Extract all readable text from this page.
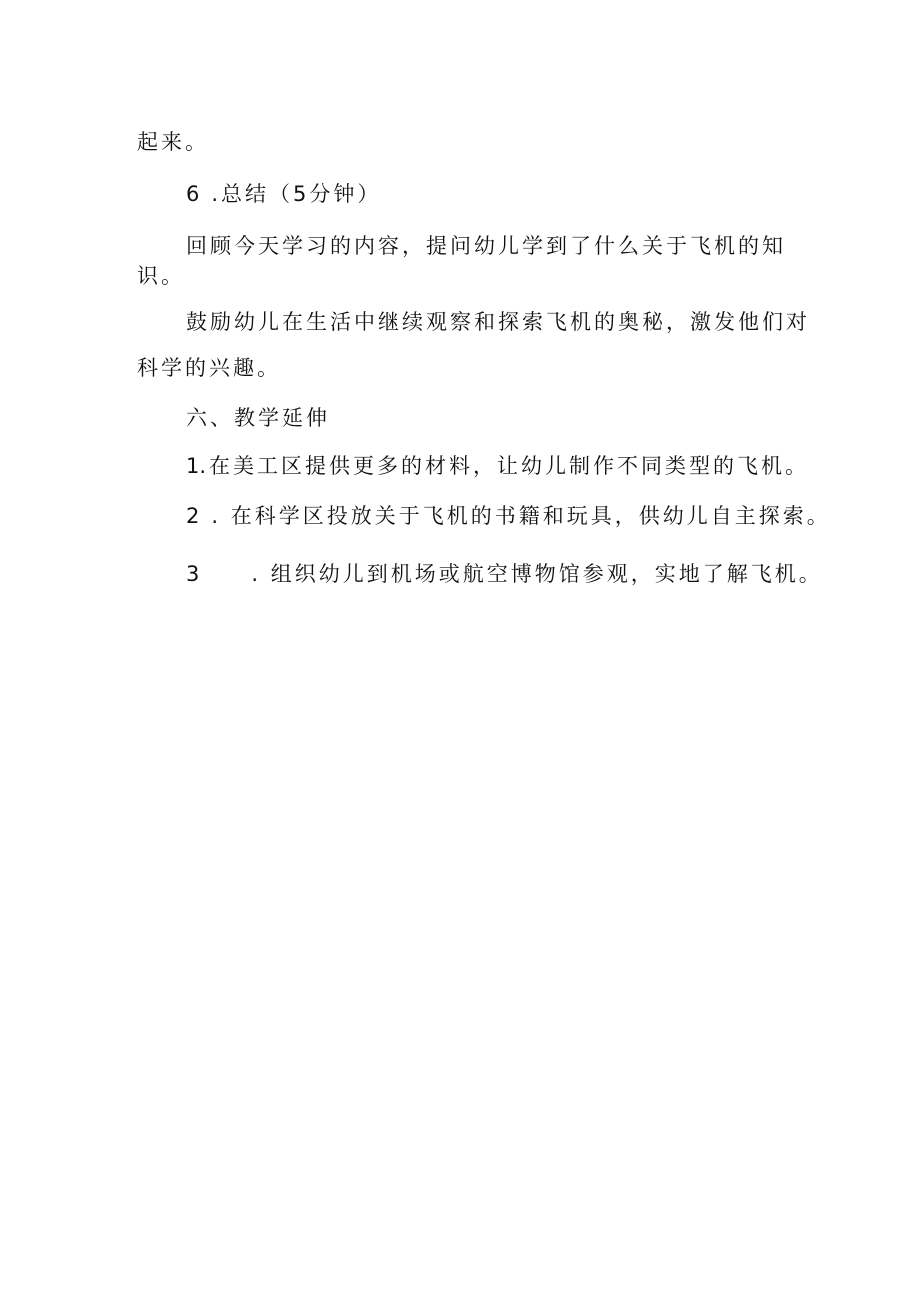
起来。
6 .总结（5分钟）
回顾今天学习的内容，提问幼儿学到了什么关于飞机的知
识。
鼓励幼儿在生活中继续观察和探索飞机的奥秘，激发他们对
科学的兴趣。
六、教学延伸
1.在美工区提供更多的材料，让幼儿制作不同类型的飞机。
2 . 在科学区投放关于飞机的书籍和玩具，供幼儿自主探索。
3 . 组织幼儿到机场或航空博物馆参观，实地了解飞机。
